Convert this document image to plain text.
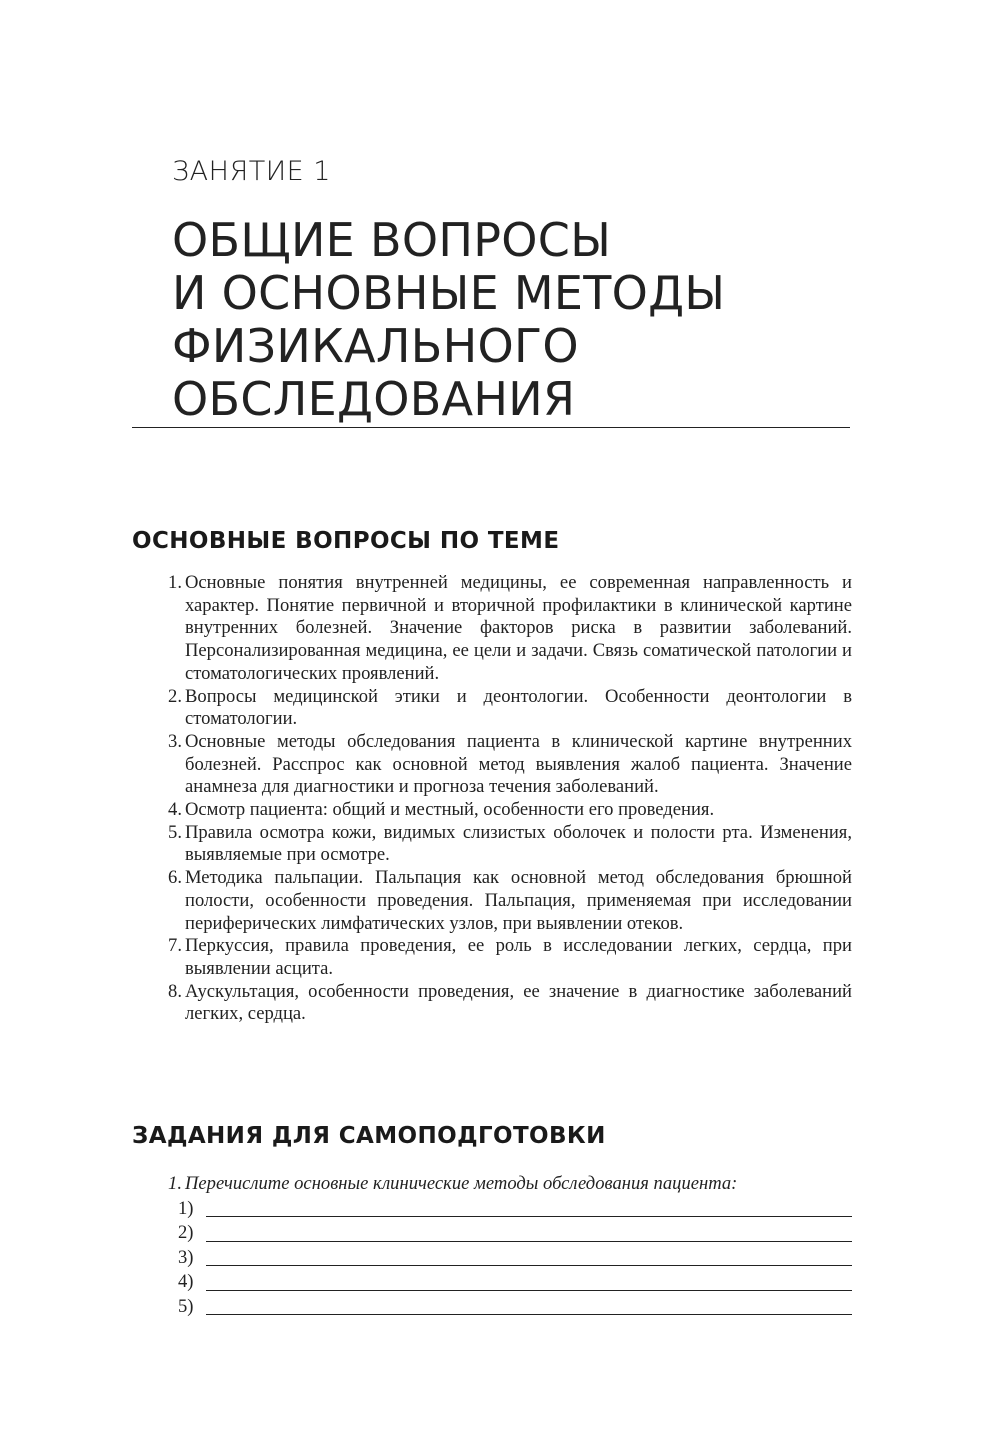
ЗАНЯТИЕ 1
ОБЩИЕ ВОПРОСЫ
И ОСНОВНЫЕ МЕТОДЫ
ФИЗИКАЛЬНОГО
ОБСЛЕДОВАНИЯ
ОСНОВНЫЕ ВОПРОСЫ ПО ТЕМЕ
1. Основные понятия внутренней медицины, ее современная направленность и характер. Понятие первичной и вторичной профилактики в клинической картине внутренних болезней. Значение факторов риска в развитии заболеваний. Персонализированная медицина, ее цели и задачи. Связь соматической патологии и стоматологических проявлений.
2. Вопросы медицинской этики и деонтологии. Особенности деонтологии в стоматологии.
3. Основные методы обследования пациента в клинической картине внутренних болезней. Расспрос как основной метод выявления жалоб пациента. Значение анамнеза для диагностики и прогноза течения заболеваний.
4. Осмотр пациента: общий и местный, особенности его проведения.
5. Правила осмотра кожи, видимых слизистых оболочек и полости рта. Изменения, выявляемые при осмотре.
6. Методика пальпации. Пальпация как основной метод обследования брюшной полости, особенности проведения. Пальпация, применяемая при исследовании периферических лимфатических узлов, при выявлении отеков.
7. Перкуссия, правила проведения, ее роль в исследовании легких, сердца, при выявлении асцита.
8. Аускультация, особенности проведения, ее значение в диагностике заболеваний легких, сердца.
ЗАДАНИЯ ДЛЯ САМОПОДГОТОВКИ
1. Перечислите основные клинические методы обследования пациента:
1)
2)
3)
4)
5)
